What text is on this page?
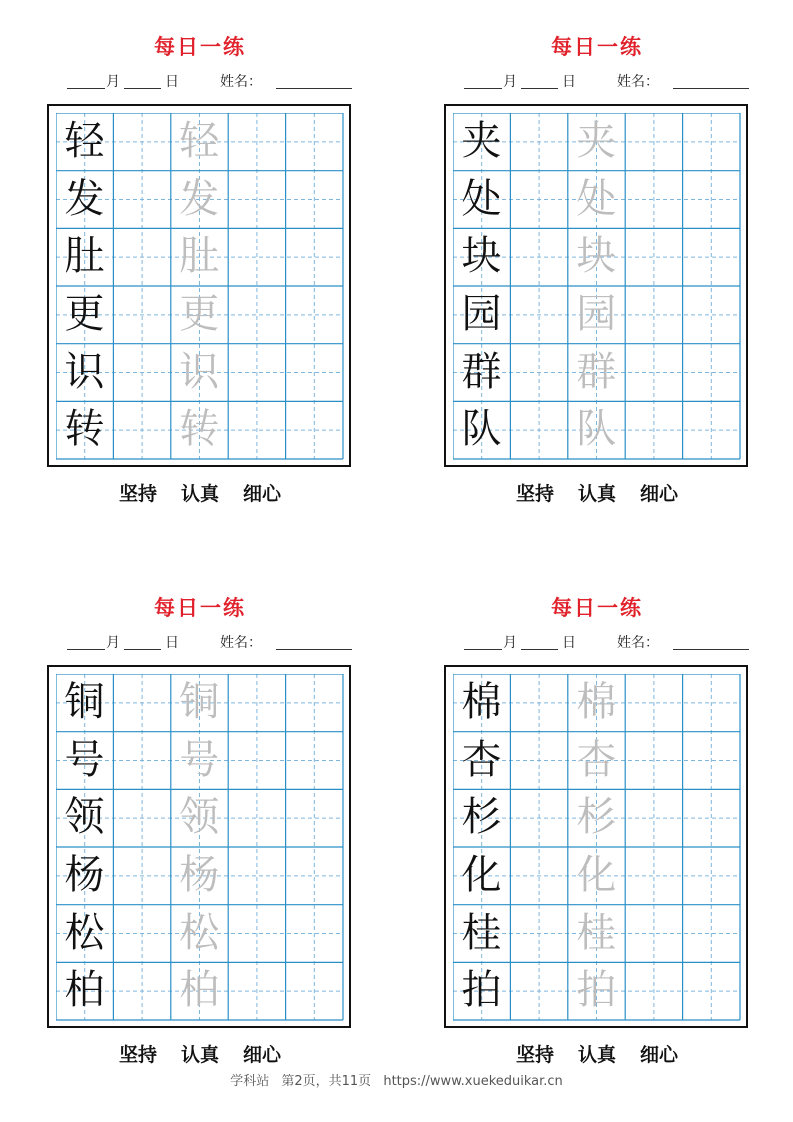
每日一练
月	日	姓名：
轻 轻
发 发
肚 肚
更 更
识 识
转 转
坚持 认真 细心
每日一练
月	日	姓名：
夹 夹
处 处
块 块
园 园
群 群
队 队
坚持 认真 细心
每日一练
月	日	姓名：
铜 铜
号 号
领 领
杨 杨
松 松
柏 柏
坚持 认真 细心
每日一练
月	日	姓名：
棉 棉
杏 杏
杉 杉
化 化
桂 桂
拍 拍
坚持 认真 细心
学科站 第2页，共11页 https://www.xuekeduikar.cn
